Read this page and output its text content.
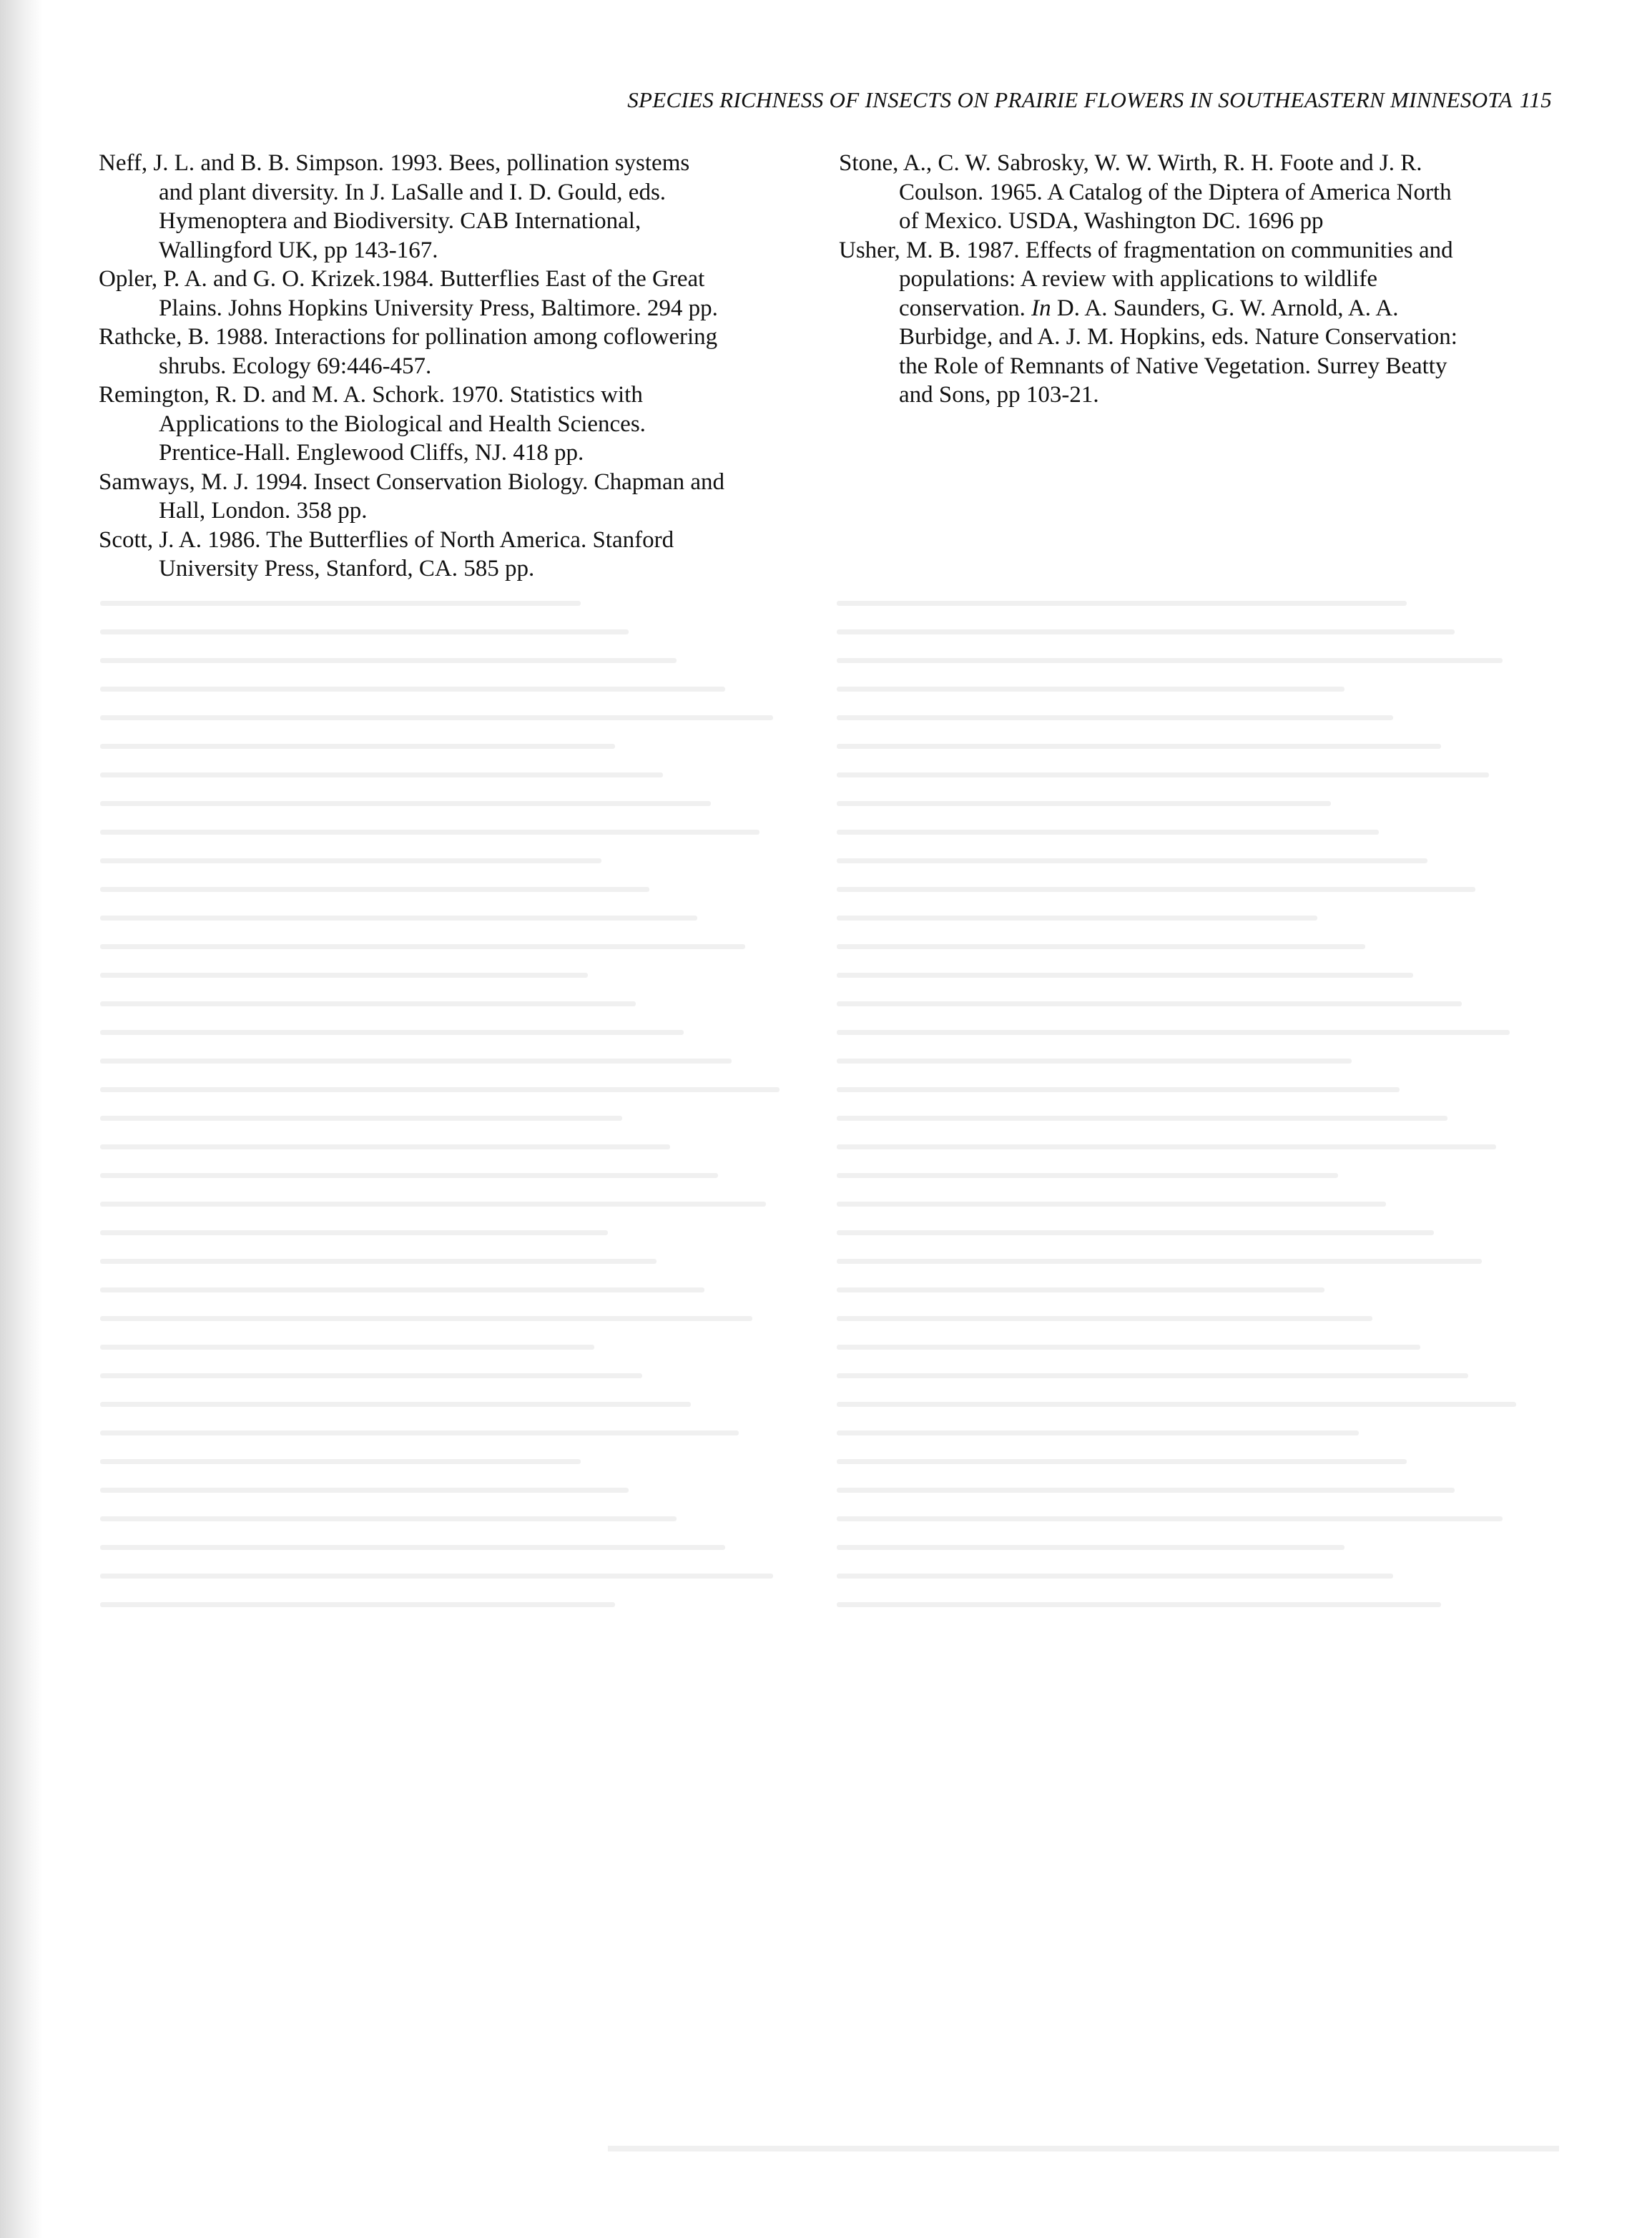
SPECIES RICHNESS OF INSECTS ON PRAIRIE FLOWERS IN SOUTHEASTERN MINNESOTA 115
Neff, J. L. and B. B. Simpson. 1993. Bees, pollination systems
and plant diversity. In J. LaSalle and I. D. Gould, eds.
Hymenoptera and Biodiversity. CAB International,
Wallingford UK, pp 143-167.
Opler, P. A. and G. O. Krizek.1984. Butterflies East of the Great
Plains. Johns Hopkins University Press, Baltimore. 294 pp.
Rathcke, B. 1988. Interactions for pollination among coflowering
shrubs. Ecology 69:446-457.
Remington, R. D. and M. A. Schork. 1970. Statistics with
Applications to the Biological and Health Sciences.
Prentice-Hall. Englewood Cliffs, NJ. 418 pp.
Samways, M. J. 1994. Insect Conservation Biology. Chapman and
Hall, London. 358 pp.
Scott, J. A. 1986. The Butterflies of North America. Stanford
University Press, Stanford, CA. 585 pp.
Stone, A., C. W. Sabrosky, W. W. Wirth, R. H. Foote and J. R.
Coulson. 1965. A Catalog of the Diptera of America North
of Mexico. USDA, Washington DC. 1696 pp
Usher, M. B. 1987. Effects of fragmentation on communities and
populations: A review with applications to wildlife
conservation. In D. A. Saunders, G. W. Arnold, A. A.
Burbidge, and A. J. M. Hopkins, eds. Nature Conservation:
the Role of Remnants of Native Vegetation. Surrey Beatty
and Sons, pp 103-21.
